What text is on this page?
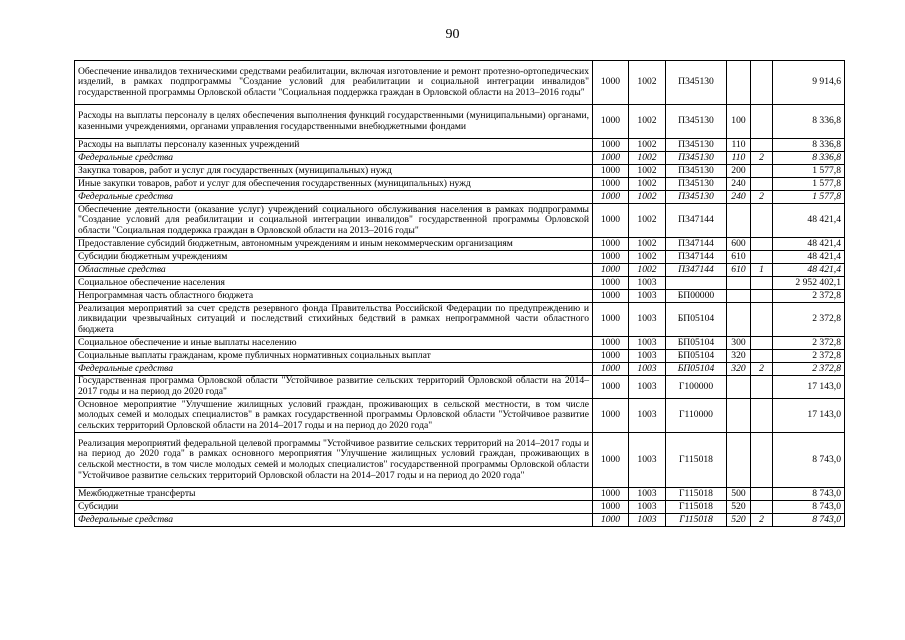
90
Обеспечение инвалидов техническими средствами реабилитации, включая изготовление и ремонт протезно-ортопедических изделий, в рамках подпрограммы "Создание условий для реабилитации и социальной интеграции инвалидов" государственной программы Орловской области "Социальная поддержка граждан в Орловской области на 2013–2016 годы"	1000	1002	П345130			9 914,6
Расходы на выплаты персоналу в целях обеспечения выполнения функций государственными (муниципальными) органами, казенными учреждениями, органами управления государственными внебюджетными фондами	1000	1002	П345130	100		8 336,8
Расходы на выплаты персоналу казенных учреждений	1000	1002	П345130	110		8 336,8
Федеральные средства	1000	1002	П345130	110	2	8 336,8
Закупка товаров, работ и услуг для государственных (муниципальных) нужд	1000	1002	П345130	200		1 577,8
Иные закупки товаров, работ и услуг для обеспечения государственных (муниципальных) нужд	1000	1002	П345130	240		1 577,8
Федеральные средства	1000	1002	П345130	240	2	1 577,8
Обеспечение деятельности (оказание услуг) учреждений социального обслуживания населения в рамках подпрограммы "Создание условий для реабилитации и социальной интеграции инвалидов" государственной программы Орловской области "Социальная поддержка граждан в Орловской области на 2013–2016 годы"	1000	1002	П347144			48 421,4
Предоставление субсидий бюджетным, автономным учреждениям и иным некоммерческим организациям	1000	1002	П347144	600		48 421,4
Субсидии бюджетным учреждениям	1000	1002	П347144	610		48 421,4
Областные средства	1000	1002	П347144	610	1	48 421,4
Социальное обеспечение населения	1000	1003				2 952 402,1
Непрограммная часть областного бюджета	1000	1003	БП00000			2 372,8
Реализация мероприятий за счет средств резервного фонда Правительства Российской Федерации по предупреждению и ликвидации чрезвычайных ситуаций и последствий стихийных бедствий в рамках непрограммной части областного бюджета	1000	1003	БП05104			2 372,8
Социальное обеспечение и иные выплаты населению	1000	1003	БП05104	300		2 372,8
Социальные выплаты гражданам, кроме публичных нормативных социальных выплат	1000	1003	БП05104	320		2 372,8
Федеральные средства	1000	1003	БП05104	320	2	2 372,8
Государственная программа Орловской области "Устойчивое развитие сельских территорий Орловской области на 2014–2017 годы и на период до 2020 года"	1000	1003	Г100000			17 143,0
Основное мероприятие "Улучшение жилищных условий граждан, проживающих в сельской местности, в том числе молодых семей и молодых специалистов" в рамках государственной программы Орловской области "Устойчивое развитие сельских территорий Орловской области на 2014–2017 годы и на период до 2020 года"	1000	1003	Г110000			17 143,0
Реализация мероприятий федеральной целевой программы "Устойчивое развитие сельских территорий на 2014–2017 годы и на период до 2020 года" в рамках основного мероприятия "Улучшение жилищных условий граждан, проживающих в сельской местности, в том числе молодых семей и молодых специалистов" государственной программы Орловской области "Устойчивое развитие сельских территорий Орловской области на 2014–2017 годы и на период до 2020 года"	1000	1003	Г115018			8 743,0
Межбюджетные трансферты	1000	1003	Г115018	500		8 743,0
Субсидии	1000	1003	Г115018	520		8 743,0
Федеральные средства	1000	1003	Г115018	520	2	8 743,0
